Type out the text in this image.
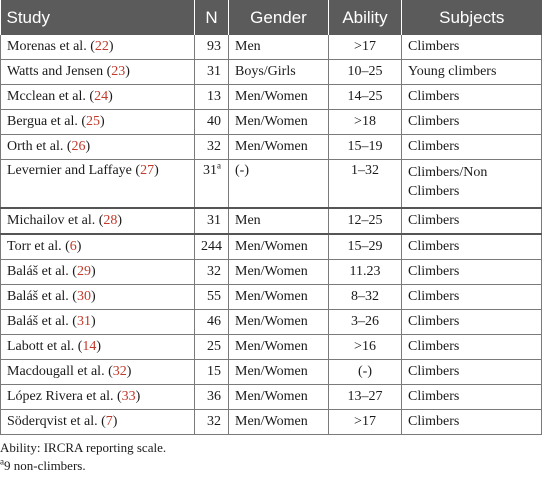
Study	N	Gender	Ability	Subjects
Morenas et al. (22)	93	Men	>17	Climbers
Watts and Jensen (23)	31	Boys/Girls	10–25	Young climbers
Mcclean et al. (24)	13	Men/Women	14–25	Climbers
Bergua et al. (25)	40	Men/Women	>18	Climbers
Orth et al. (26)	32	Men/Women	15–19	Climbers
Levernier and Laffaye (27)	31$^a$	(-)	1–32	Climbers/Non Climbers
Michailov et al. (28)	31	Men	12–25	Climbers
Torr et al. (6)	244	Men/Women	15–29	Climbers
Baláš et al. (29)	32	Men/Women	11.23	Climbers
Baláš et al. (30)	55	Men/Women	8–32	Climbers
Baláš et al. (31)	46	Men/Women	3–26	Climbers
Labott et al. (14)	25	Men/Women	>16	Climbers
Macdougall et al. (32)	15	Men/Women	(-)	Climbers
López Rivera et al. (33)	36	Men/Women	13–27	Climbers
Söderqvist et al. (7)	32	Men/Women	>17	Climbers
Ability: IRCRA reporting scale.
$^a$9 non-climbers.
